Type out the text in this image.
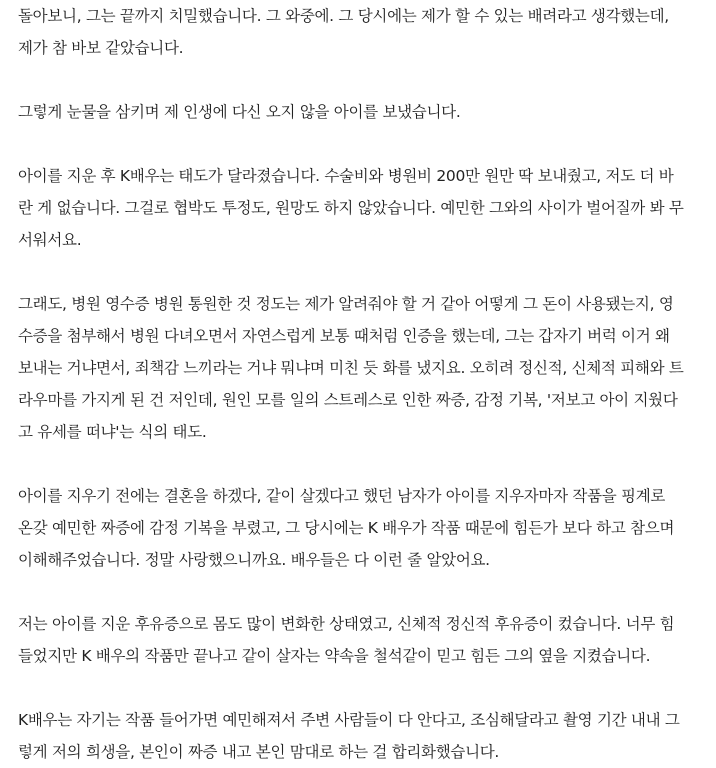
돌아보니, 그는 끝까지 치밀했습니다. 그 와중에. 그 당시에는 제가 할 수 있는 배려라고 생각했는데,
제가 참 바보 같았습니다.

그렇게 눈물을 삼키며 제 인생에 다신 오지 않을 아이를 보냈습니다.

아이를 지운 후 K배우는 태도가 달라졌습니다. 수술비와 병원비 200만 원만 딱 보내줬고, 저도 더 바
란 게 없습니다. 그걸로 협박도 투정도, 원망도 하지 않았습니다. 예민한 그와의 사이가 벌어질까 봐 무
서워서요.

그래도, 병원 영수증 병원 통원한 것 정도는 제가 알려줘야 할 거 같아 어떻게 그 돈이 사용됐는지, 영
수증을 첨부해서 병원 다녀오면서 자연스럽게 보통 때처럼 인증을 했는데, 그는 갑자기 버럭 이거 왜
보내는 거냐면서, 죄책감 느끼라는 거냐 뭐냐며 미친 듯 화를 냈지요. 오히려 정신적, 신체적 피해와 트
라우마를 가지게 된 건 저인데, 원인 모를 일의 스트레스로 인한 짜증, 감정 기복, '저보고 아이 지웠다
고 유세를 떠냐'는 식의 태도.

아이를 지우기 전에는 결혼을 하겠다, 같이 살겠다고 했던 남자가 아이를 지우자마자 작품을 핑계로
온갖 예민한 짜증에 감정 기복을 부렸고, 그 당시에는 K 배우가 작품 때문에 힘든가 보다 하고 참으며
이해해주었습니다. 정말 사랑했으니까요. 배우들은 다 이런 줄 알았어요.

저는 아이를 지운 후유증으로 몸도 많이 변화한 상태였고, 신체적 정신적 후유증이 컸습니다. 너무 힘
들었지만 K 배우의 작품만 끝나고 같이 살자는 약속을 철석같이 믿고 힘든 그의 옆을 지켰습니다.

K배우는 자기는 작품 들어가면 예민해져서 주변 사람들이 다 안다고, 조심해달라고 촬영 기간 내내 그
렇게 저의 희생을, 본인이 짜증 내고 본인 맘대로 하는 걸 합리화했습니다.
